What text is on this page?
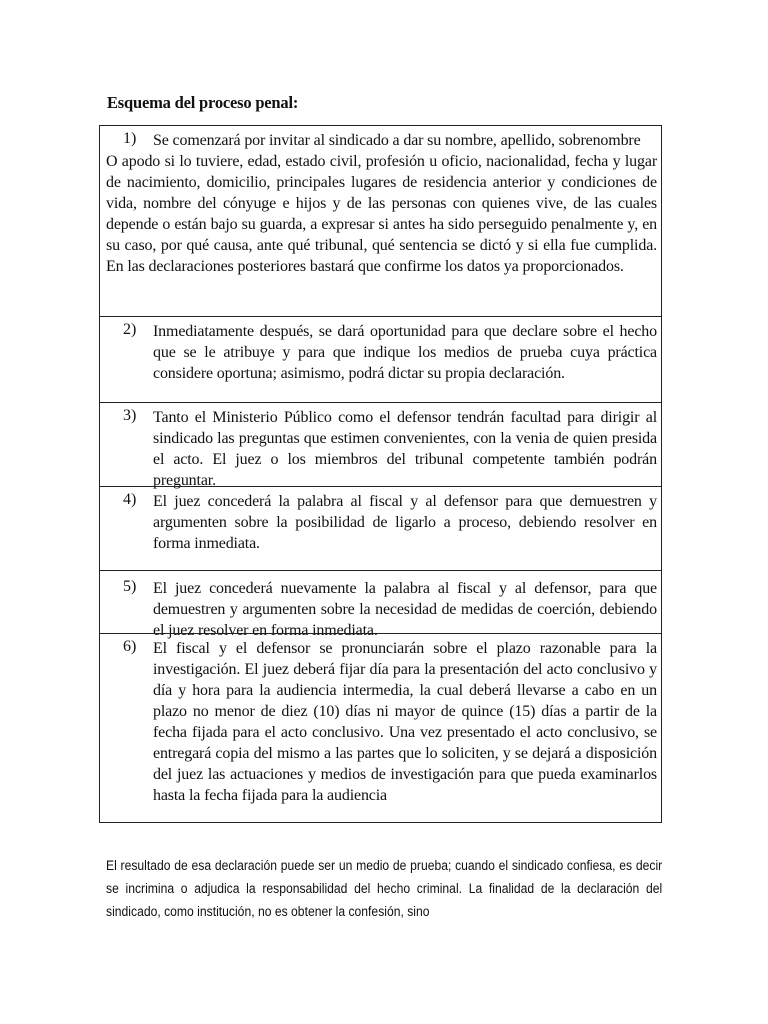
Esquema del proceso penal:
1)	Se comenzará por invitar al sindicado a dar su nombre, apellido, sobrenombre
O apodo si lo tuviere, edad, estado civil, profesión u oficio, nacionalidad, fecha y lugar de nacimiento, domicilio, principales lugares de residencia anterior y condiciones de vida, nombre del cónyuge e hijos y de las personas con quienes vive, de las cuales depende o están bajo su guarda, a expresar si antes ha sido perseguido penalmente y, en su caso, por qué causa, ante qué tribunal, qué sentencia se dictó y si ella fue cumplida. En las declaraciones posteriores bastará que confirme los datos ya proporcionados.
2)	Inmediatamente después, se dará oportunidad para que declare sobre el hecho que se le atribuye y para que indique los medios de prueba cuya práctica considere oportuna; asimismo, podrá dictar su propia declaración.
3)	Tanto el Ministerio Público como el defensor tendrán facultad para dirigir al sindicado las preguntas que estimen convenientes, con la venia de quien presida el acto. El juez o los miembros del tribunal competente también podrán preguntar.
4)	El juez concederá la palabra al fiscal y al defensor para que demuestren y argumenten sobre la posibilidad de ligarlo a proceso, debiendo resolver en forma inmediata.
5)	El juez concederá nuevamente la palabra al fiscal y al defensor, para que demuestren y argumenten sobre la necesidad de medidas de coerción, debiendo el juez resolver en forma inmediata.
6)	El fiscal y el defensor se pronunciarán sobre el plazo razonable para la investigación. El juez deberá fijar día para la presentación del acto conclusivo y día y hora para la audiencia intermedia, la cual deberá llevarse a cabo en un plazo no menor de diez (10) días ni mayor de quince (15) días a partir de la fecha fijada para el acto conclusivo. Una vez presentado el acto conclusivo, se entregará copia del mismo a las partes que lo soliciten, y se dejará a disposición del juez las actuaciones y medios de investigación para que pueda examinarlos hasta la fecha fijada para la audiencia
El resultado de esa declaración puede ser un medio de prueba; cuando el sindicado confiesa, es decir se incrimina o adjudica la responsabilidad del hecho criminal. La finalidad de la declaración del sindicado, como institución, no es obtener la confesión, sino
